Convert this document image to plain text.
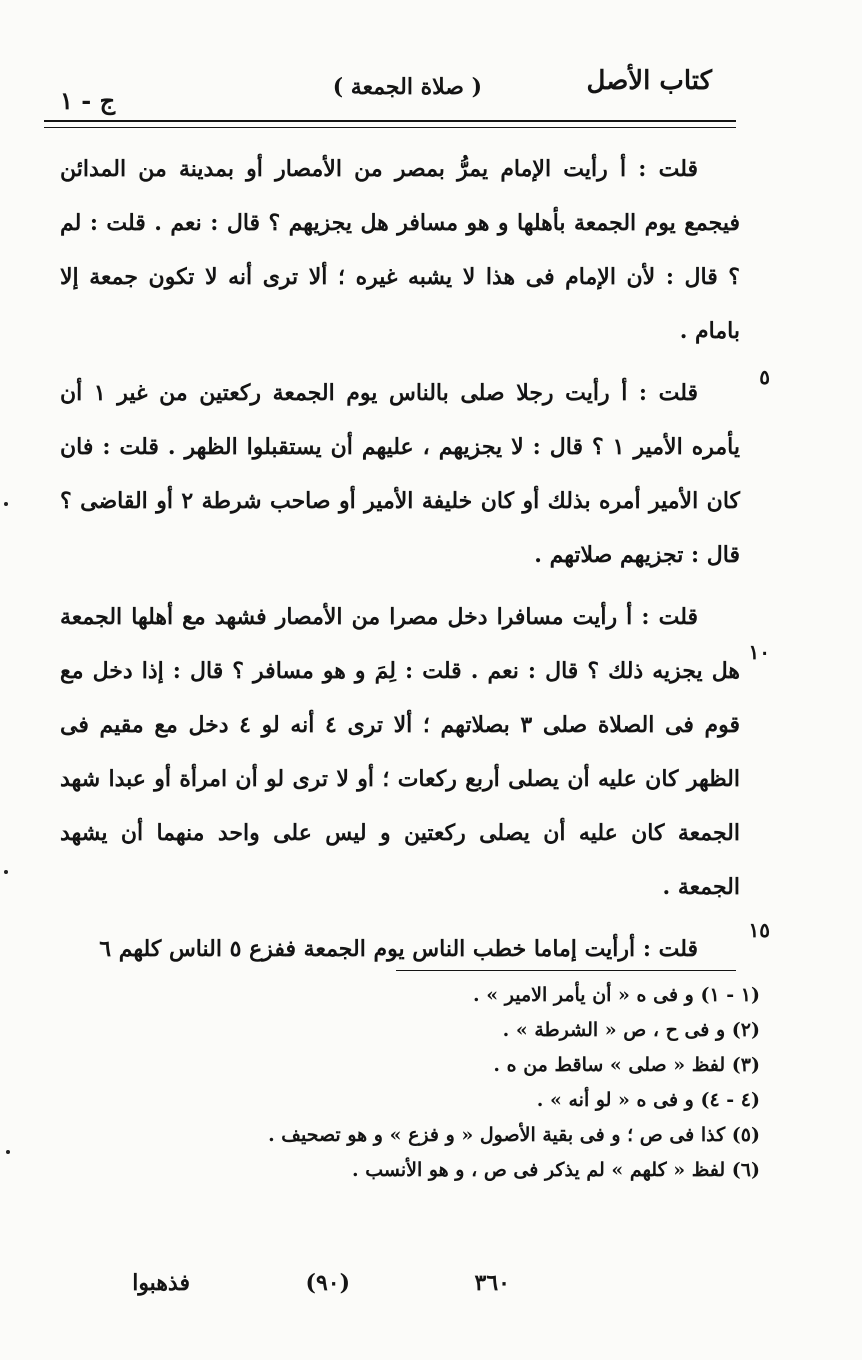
كتاب الأصل
( صلاة الجمعة )
ج - ١
٥
١٠
١٥

قلت : أ رأيت الإمام يمرُّ بمصر من الأمصار أو بمدينة من المدائن فيجمع يوم الجمعة بأهلها و هو مسافر هل يجزيهم ؟ قال : نعم . قلت : لم ؟ قال : لأن الإمام فى هذا لا يشبه غيره ؛ ألا ترى أنه لا تكون جمعة إلا بامام .

قلت : أ رأيت رجلا صلى بالناس يوم الجمعة ركعتين من غير ١ أن يأمره الأمير ١ ؟ قال : لا يجزيهم ، عليهم أن يستقبلوا الظهر . قلت : فان كان الأمير أمره بذلك أو كان خليفة الأمير أو صاحب شرطة ٢ أو القاضى ؟ قال : تجزيهم صلاتهم .

قلت : أ رأيت مسافرا دخل مصرا من الأمصار فشهد مع أهلها الجمعة هل يجزيه ذلك ؟ قال : نعم . قلت : لِمَ و هو مسافر ؟ قال : إذا دخل مع قوم فى الصلاة صلى ٣ بصلاتهم ؛ ألا ترى ٤ أنه لو ٤ دخل مع مقيم فى الظهر كان عليه أن يصلى أربع ركعات ؛ أو لا ترى لو أن امرأة أو عبدا شهد الجمعة كان عليه أن يصلى ركعتين و ليس على واحد منهما أن يشهد الجمعة .

قلت : أرأيت إماما خطب الناس يوم الجمعة ففزع ٥ الناس كلهم ٦

(١ - ١) و فى ه « أن يأمر الامير » .
(٢) و فى ح ، ص « الشرطة » .
(٣) لفظ « صلى » ساقط من ه .
(٤ - ٤) و فى ه « لو أنه » .
(٥) كذا فى ص ؛ و فى بقية الأصول « و فزع » و هو تصحيف .
(٦) لفظ « كلهم » لم يذكر فى ص ، و هو الأنسب .
٣٦٠
(٩٠)
فذهبوا
